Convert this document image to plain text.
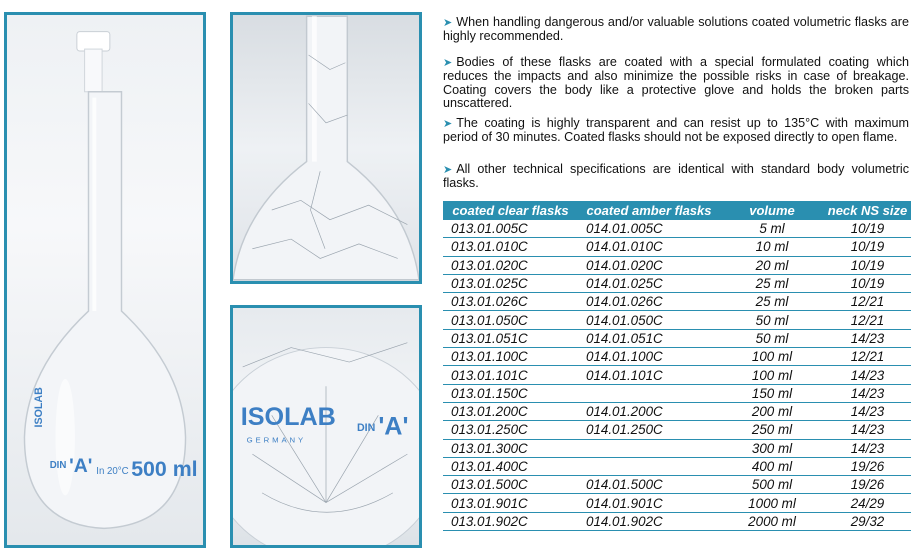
ISOLAB
DIN 'A' In 20°C 500 ml
ISOLAB
GERMANY
DIN 'A'
➤ When handling dangerous and/or valuable solutions coated volumetric flasks are highly recommended.
➤ Bodies of these flasks are coated with a special formulated coating which reduces the impacts and also minimize the possible risks in case of breakage. Coating covers the body like a protective glove and holds the broken parts unscattered.
➤ The coating is highly transparent and can resist up to 135°C with maximum period of 30 minutes. Coated flasks should not be exposed directly to open flame.
➤ All other technical specifications are identical with standard body volumetric flasks.
coated clear flasks	coated amber flasks	volume	neck NS size
013.01.005C	014.01.005C	5 ml	10/19
013.01.010C	014.01.010C	10 ml	10/19
013.01.020C	014.01.020C	20 ml	10/19
013.01.025C	014.01.025C	25 ml	10/19
013.01.026C	014.01.026C	25 ml	12/21
013.01.050C	014.01.050C	50 ml	12/21
013.01.051C	014.01.051C	50 ml	14/23
013.01.100C	014.01.100C	100 ml	12/21
013.01.101C	014.01.101C	100 ml	14/23
013.01.150C		150 ml	14/23
013.01.200C	014.01.200C	200 ml	14/23
013.01.250C	014.01.250C	250 ml	14/23
013.01.300C		300 ml	14/23
013.01.400C		400 ml	19/26
013.01.500C	014.01.500C	500 ml	19/26
013.01.901C	014.01.901C	1000 ml	24/29
013.01.902C	014.01.902C	2000 ml	29/32
